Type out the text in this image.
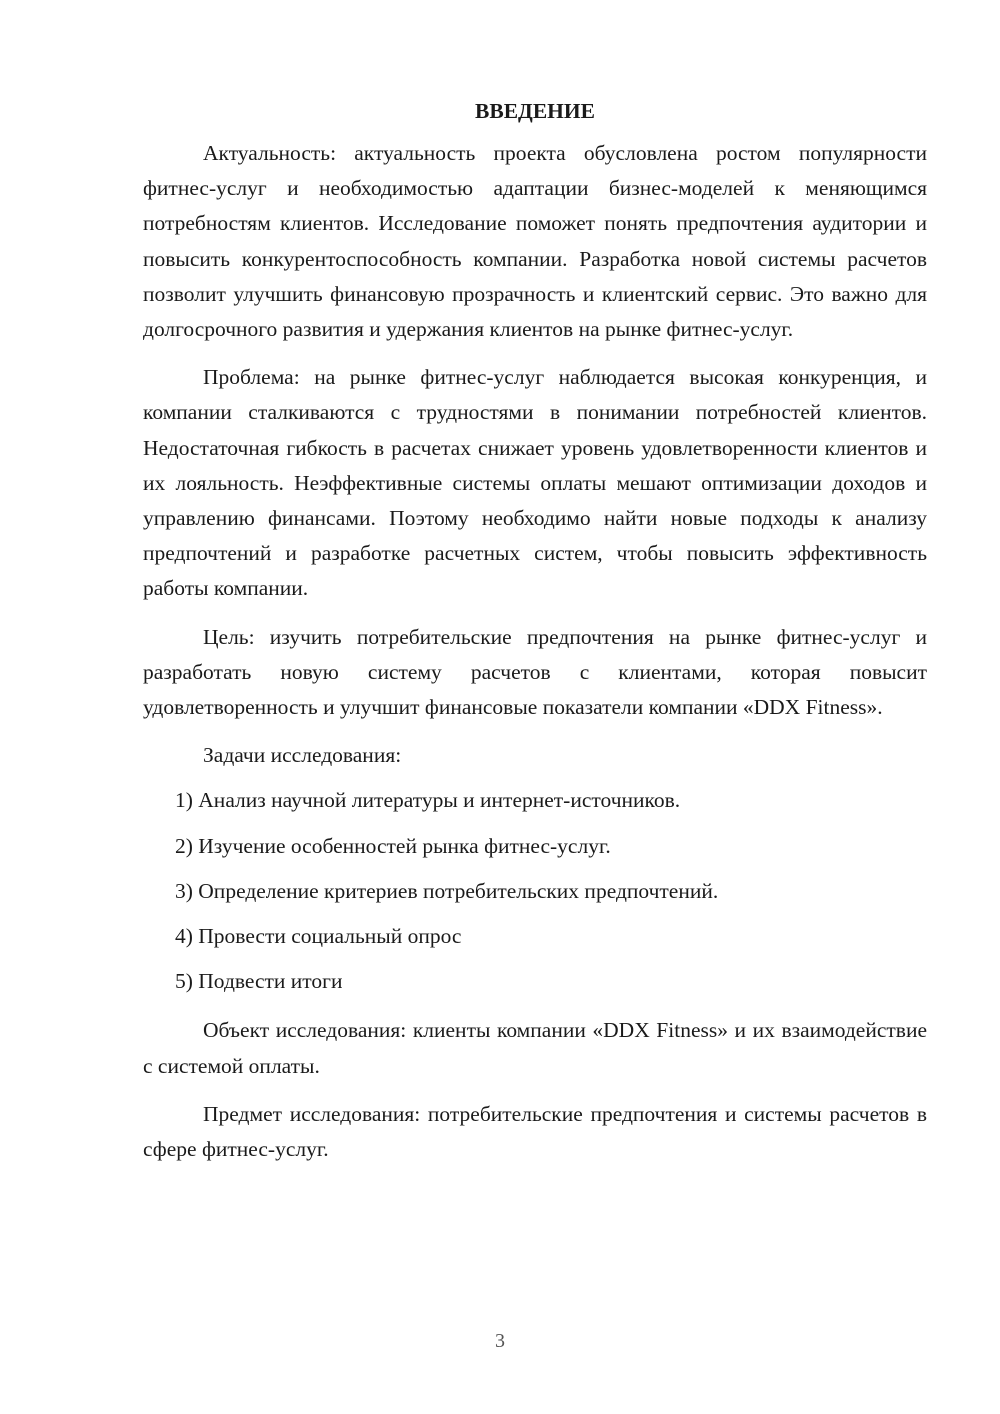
ВВЕДЕНИЕ

Актуальность: актуальность проекта обусловлена ростом популярности фитнес-услуг и необходимостью адаптации бизнес-моделей к меняющимся потребностям клиентов. Исследование поможет понять предпочтения аудитории и повысить конкурентоспособность компании. Разработка новой системы расчетов позволит улучшить финансовую прозрачность и клиентский сервис. Это важно для долгосрочного развития и удержания клиентов на рынке фитнес-услуг.

Проблема: на рынке фитнес-услуг наблюдается высокая конкуренция, и компании сталкиваются с трудностями в понимании потребностей клиентов. Недостаточная гибкость в расчетах снижает уровень удовлетворенности клиентов и их лояльность. Неэффективные системы оплаты мешают оптимизации доходов и управлению финансами. Поэтому необходимо найти новые подходы к анализу предпочтений и разработке расчетных систем, чтобы повысить эффективность работы компании.

Цель: изучить потребительские предпочтения на рынке фитнес-услуг и разработать новую систему расчетов с клиентами, которая повысит удовлетворенность и улучшит финансовые показатели компании «DDX Fitness».

Задачи исследования:

1) Анализ научной литературы и интернет-источников.

2) Изучение особенностей рынка фитнес-услуг.

3) Определение критериев потребительских предпочтений.

4) Провести социальный опрос

5) Подвести итоги

Объект исследования: клиенты компании «DDX Fitness» и их взаимодействие с системой оплаты.

Предмет исследования: потребительские предпочтения и системы расчетов в сфере фитнес-услуг.

3
